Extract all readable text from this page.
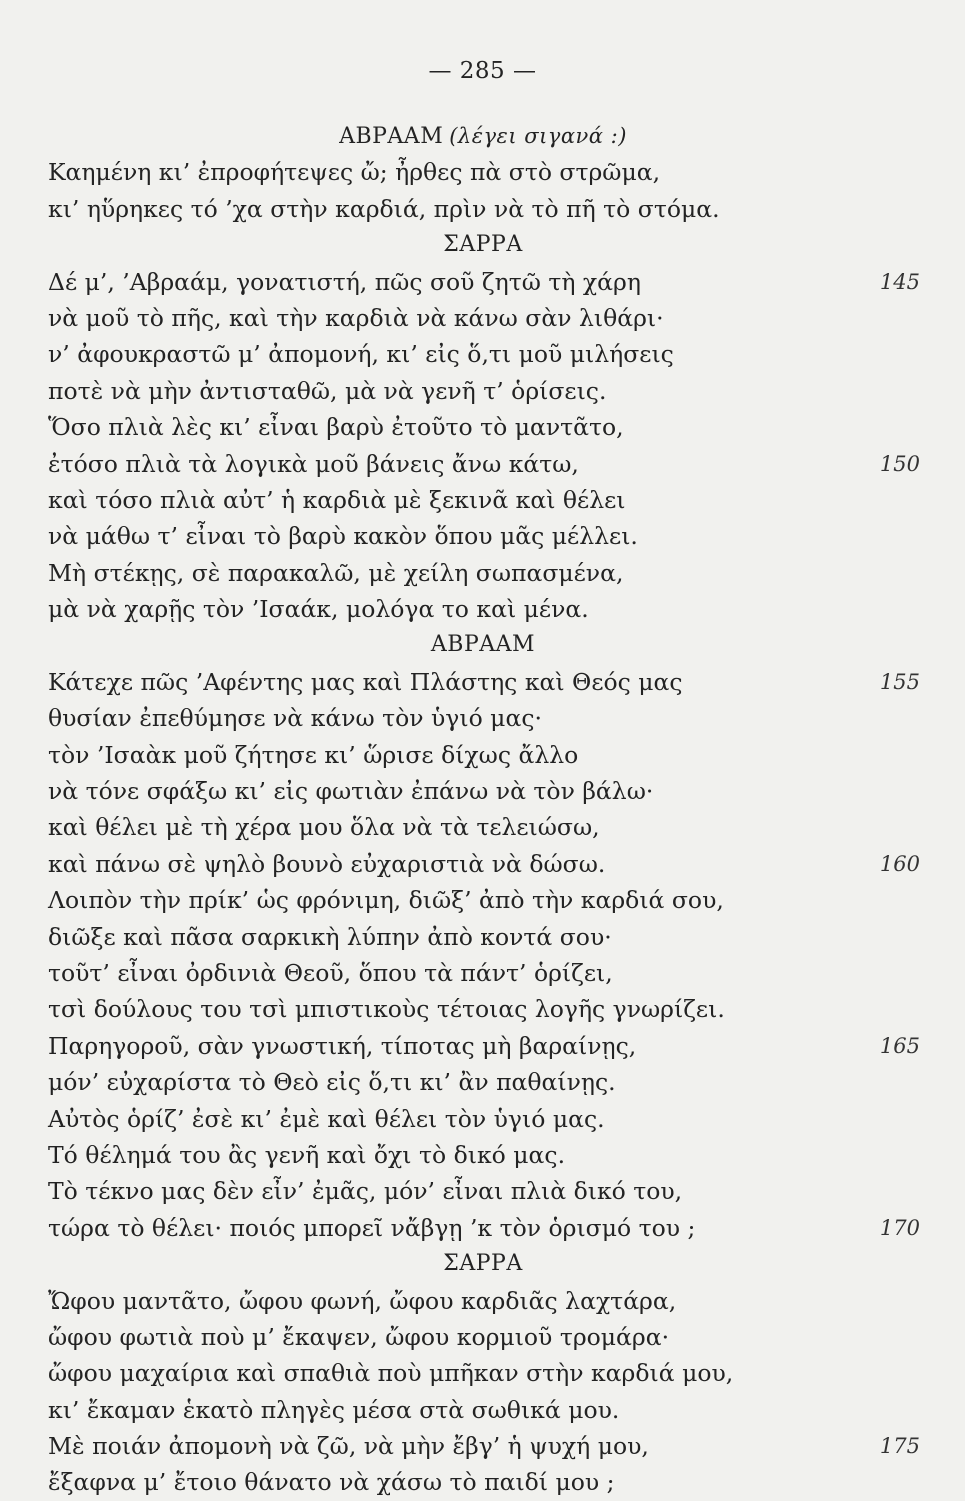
— 285 —
ΑΒΡΑΑΜ (λέγει σιγανά :)
Καημένη κι’ ἐπροφήτεψες ὤ; ἦρθες πὰ στὸ στρῶμα,
κι’ ηὕρηκες τό ’χα στὴν καρδιά, πρὶν νὰ τὸ πῆ τὸ στόμα.
ΣΑΡΡΑ
Δέ μ’, ’Αβραάμ, γονατιστή, πῶς σοῦ ζητῶ τὴ χάρη	145
νὰ μοῦ τὸ πῆς, καὶ τὴν καρδιὰ νὰ κάνω σὰν λιθάρι·
ν’ ἀφουκραστῶ μ’ ἀπομονή, κι’ εἰς ὅ,τι μοῦ μιλήσεις
ποτὲ νὰ μὴν ἀντισταθῶ, μὰ νὰ γενῆ τ’ ὁρίσεις.
Ὅσο πλιὰ λὲς κι’ εἶναι βαρὺ ἐτοῦτο τὸ μαντᾶτο,
ἐτόσο πλιὰ τὰ λογικὰ μοῦ βάνεις ἄνω κάτω,	150
καὶ τόσο πλιὰ αὐτ’ ἡ καρδιὰ μὲ ξεκινᾶ καὶ θέλει
νὰ μάθω τ’ εἶναι τὸ βαρὺ κακὸν ὅπου μᾶς μέλλει.
Μὴ στέκῃς, σὲ παρακαλῶ, μὲ χείλη σωπασμένα,
μὰ νὰ χαρῇς τὸν ’Ισαάκ, μολόγα το καὶ μένα.
ΑΒΡΑΑΜ
Κάτεχε πῶς ’Αφέντης μας καὶ Πλάστης καὶ Θεός μας	155
θυσίαν ἐπεθύμησε νὰ κάνω τὸν ὑγιό μας·
τὸν ’Ισαὰκ μοῦ ζήτησε κι’ ὥρισε δίχως ἄλλο
νὰ τόνε σφάξω κι’ εἰς φωτιὰν ἐπάνω νὰ τὸν βάλω·
καὶ θέλει μὲ τὴ χέρα μου ὅλα νὰ τὰ τελειώσω,
καὶ πάνω σὲ ψηλὸ βουνὸ εὐχαριστιὰ νὰ δώσω.	160
Λοιπὸν τὴν πρίκ’ ὡς φρόνιμη, διῶξ’ ἀπὸ τὴν καρδιά σου,
διῶξε καὶ πᾶσα σαρκικὴ λύπην ἀπὸ κοντά σου·
τοῦτ’ εἶναι ὀρδινιὰ Θεοῦ, ὅπου τὰ πάντ’ ὁρίζει,
τσὶ δούλους του τσὶ μπιστικοὺς τέτοιας λογῆς γνωρίζει.
Παρηγοροῦ, σὰν γνωστική, τίποτας μὴ βαραίνῃς,	165
μόν’ εὐχαρίστα τὸ Θεὸ εἰς ὅ,τι κι’ ἂν παθαίνῃς.
Αὐτὸς ὁρίζ’ ἐσὲ κι’ ἐμὲ καὶ θέλει τὸν ὑγιό μας.
Τό θέλημά του ἂς γενῆ καὶ ὄχι τὸ δικό μας.
Τὸ τέκνο μας δὲν εἶν’ ἐμᾶς, μόν’ εἶναι πλιὰ δικό του,
τώρα τὸ θέλει· ποιός μπορεῖ νἄβγῃ ’κ τὸν ὁρισμό του ;	170
ΣΑΡΡΑ
Ὤφου μαντᾶτο, ὤφου φωνή, ὤφου καρδιᾶς λαχτάρα,
ὤφου φωτιὰ ποὺ μ’ ἔκαψεν, ὤφου κορμιοῦ τρομάρα·
ὤφου μαχαίρια καὶ σπαθιὰ ποὺ μπῆκαν στὴν καρδιά μου,
κι’ ἔκαμαν ἑκατὸ πληγὲς μέσα στὰ σωθικά μου.
Μὲ ποιάν ἀπομονὴ νὰ ζῶ, νὰ μὴν ἔβγ’ ἡ ψυχή μου,	175
ἔξαφνα μ’ ἔτοιο θάνατο νὰ χάσω τὸ παιδί μου ;
